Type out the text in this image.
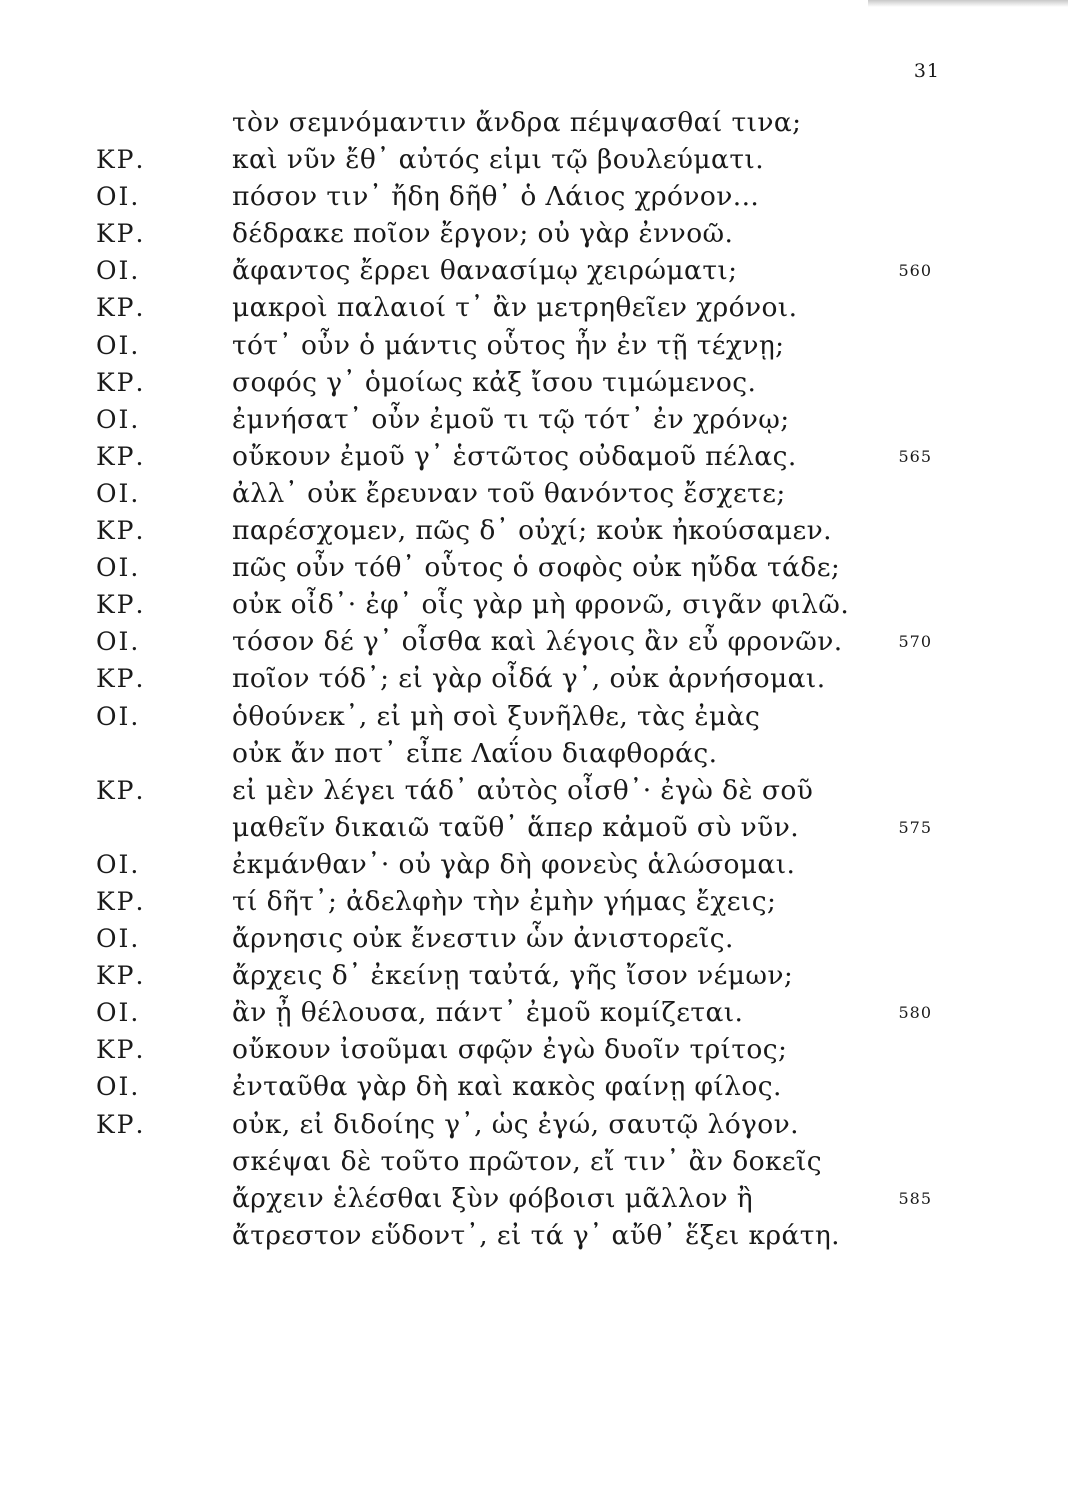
31
τὸν σεμνόμαντιν ἄνδρα πέμψασθαί τινα;
ΚΡ.	καὶ νῦν ἔθ᾽ αὐτός εἰμι τῷ βουλεύματι.
ΟΙ.	πόσον τιν᾽ ἤδη δῆθ᾽ ὁ Λάιος χρόνον...
ΚΡ.	δέδρακε ποῖον ἔργον; οὐ γὰρ ἐννοῶ.
ΟΙ.	ἄφαντος ἔρρει θανασίμῳ χειρώματι;	560
ΚΡ.	μακροὶ παλαιοί τ᾽ ἂν μετρηθεῖεν χρόνοι.
ΟΙ.	τότ᾽ οὖν ὁ μάντις οὗτος ἦν ἐν τῇ τέχνῃ;
ΚΡ.	σοφός γ᾽ ὁμοίως κἀξ ἴσου τιμώμενος.
ΟΙ.	ἐμνήσατ᾽ οὖν ἐμοῦ τι τῷ τότ᾽ ἐν χρόνῳ;
ΚΡ.	οὔκουν ἐμοῦ γ᾽ ἑστῶτος οὐδαμοῦ πέλας.	565
ΟΙ.	ἀλλ᾽ οὐκ ἔρευναν τοῦ θανόντος ἔσχετε;
ΚΡ.	παρέσχομεν, πῶς δ᾽ οὐχί; κοὐκ ἠκούσαμεν.
ΟΙ.	πῶς οὖν τόθ᾽ οὗτος ὁ σοφὸς οὐκ ηὔδα τάδε;
ΚΡ.	οὐκ οἶδ᾽· ἐφ᾽ οἷς γὰρ μὴ φρονῶ, σιγᾶν φιλῶ.
ΟΙ.	τόσον δέ γ᾽ οἶσθα καὶ λέγοις ἂν εὖ φρονῶν.	570
ΚΡ.	ποῖον τόδ᾽; εἰ γὰρ οἶδά γ᾽, οὐκ ἀρνήσομαι.
ΟΙ.	ὁθούνεκ᾽, εἰ μὴ σοὶ ξυνῆλθε, τὰς ἐμὰς
οὐκ ἄν ποτ᾽ εἶπε Λαΐου διαφθοράς.
ΚΡ.	εἰ μὲν λέγει τάδ᾽ αὐτὸς οἶσθ᾽· ἐγὼ δὲ σοῦ
μαθεῖν δικαιῶ ταῦθ᾽ ἅπερ κἀμοῦ σὺ νῦν.	575
ΟΙ.	ἐκμάνθαν᾽· οὐ γὰρ δὴ φονεὺς ἁλώσομαι.
ΚΡ.	τί δῆτ᾽; ἀδελφὴν τὴν ἐμὴν γήμας ἔχεις;
ΟΙ.	ἄρνησις οὐκ ἔνεστιν ὧν ἀνιστορεῖς.
ΚΡ.	ἄρχεις δ᾽ ἐκείνῃ ταὐτά, γῆς ἴσον νέμων;
ΟΙ.	ἂν ᾖ θέλουσα, πάντ᾽ ἐμοῦ κομίζεται.	580
ΚΡ.	οὔκουν ἰσοῦμαι σφῷν ἐγὼ δυοῖν τρίτος;
ΟΙ.	ἐνταῦθα γὰρ δὴ καὶ κακὸς φαίνῃ φίλος.
ΚΡ.	οὐκ, εἰ διδοίης γ᾽, ὡς ἐγώ, σαυτῷ λόγον.
σκέψαι δὲ τοῦτο πρῶτον, εἴ τιν᾽ ἂν δοκεῖς
ἄρχειν ἑλέσθαι ξὺν φόβοισι μᾶλλον ἢ	585
ἄτρεστον εὕδοντ᾽, εἰ τά γ᾽ αὔθ᾽ ἕξει κράτη.
